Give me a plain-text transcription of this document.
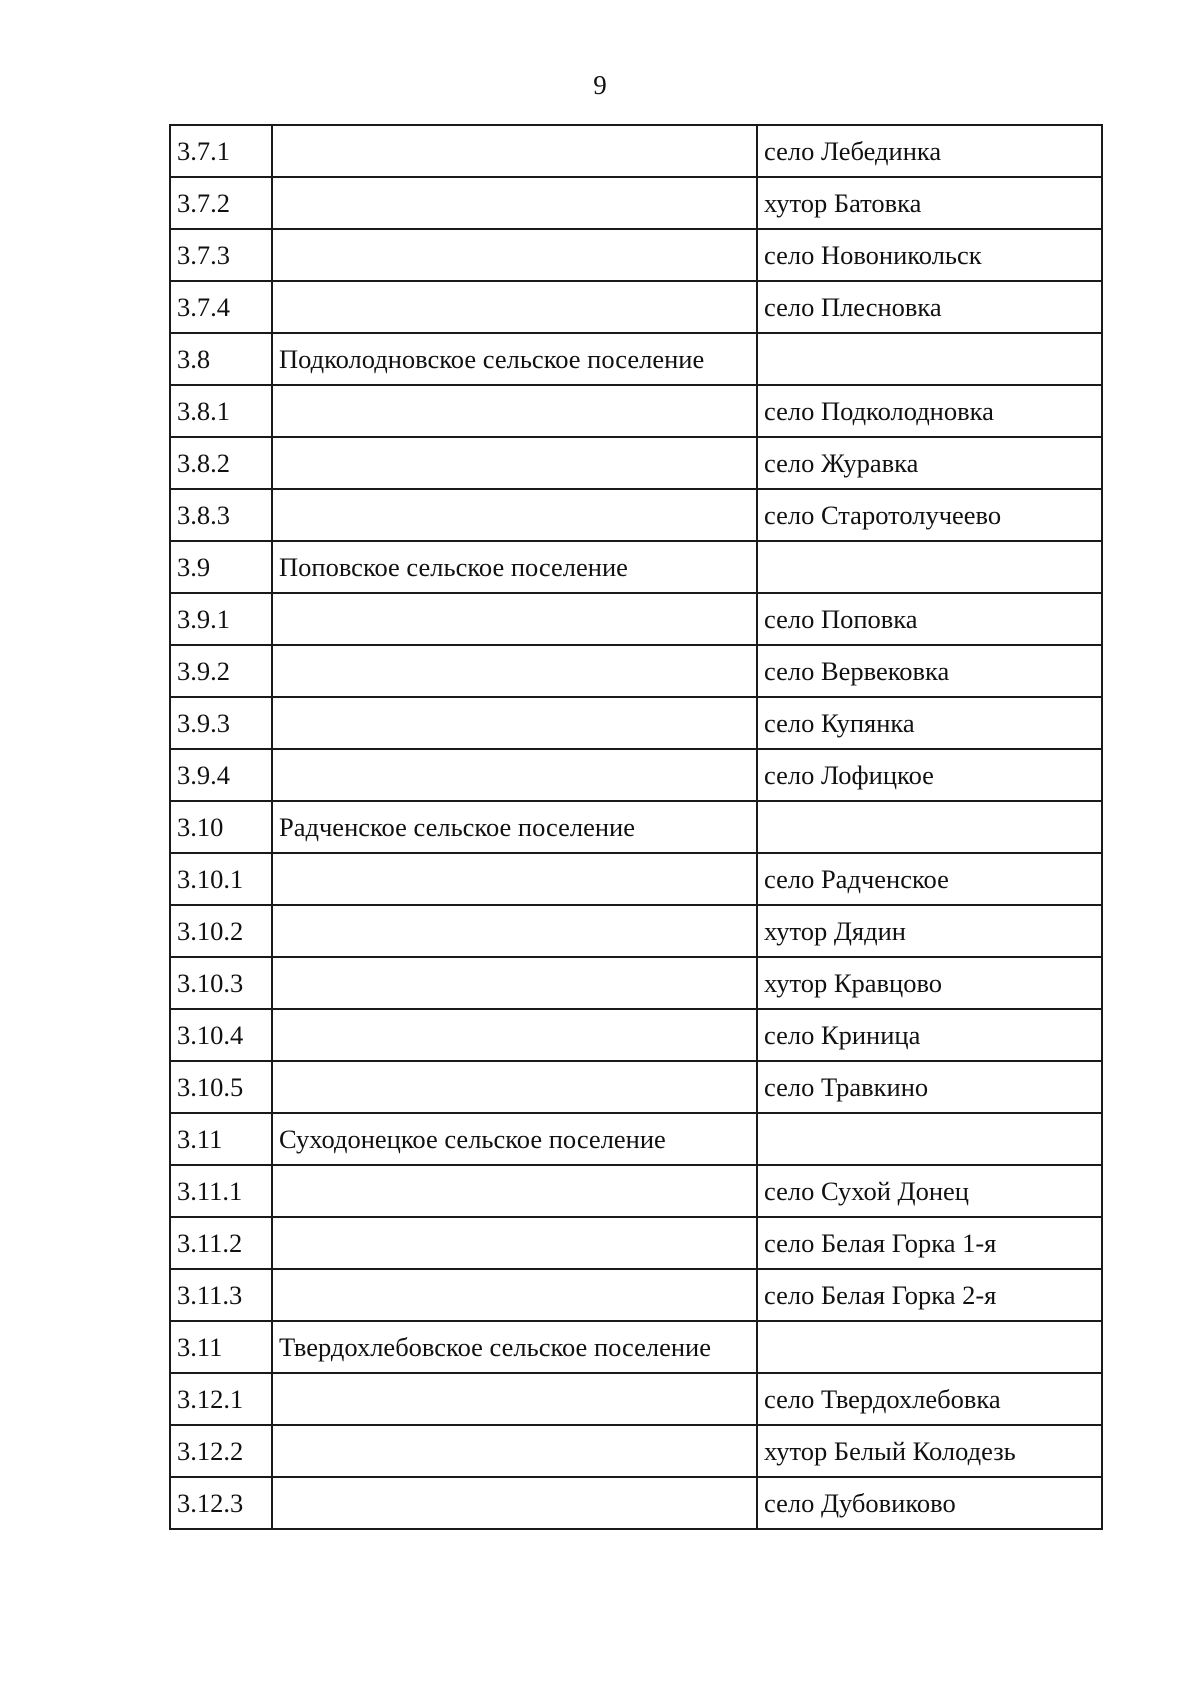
9
3.7.1		село Лебединка
3.7.2		хутор Батовка
3.7.3		село Новоникольск
3.7.4		село Плесновка
3.8	Подколодновское сельское поселение	
3.8.1		село Подколодновка
3.8.2		село Журавка
3.8.3		село Старотолучеево
3.9	Поповское сельское поселение	
3.9.1		село Поповка
3.9.2		село Вервековка
3.9.3		село Купянка
3.9.4		село Лофицкое
3.10	Радченское сельское поселение	
3.10.1		село Радченское
3.10.2		хутор Дядин
3.10.3		хутор Кравцово
3.10.4		село Криница
3.10.5		село Травкино
3.11	Суходонецкое сельское поселение	
3.11.1		село Сухой Донец
3.11.2		село Белая Горка 1-я
3.11.3		село Белая Горка 2-я
3.11	Твердохлебовское сельское поселение	
3.12.1		село Твердохлебовка
3.12.2		хутор Белый Колодезь
3.12.3		село Дубовиково
